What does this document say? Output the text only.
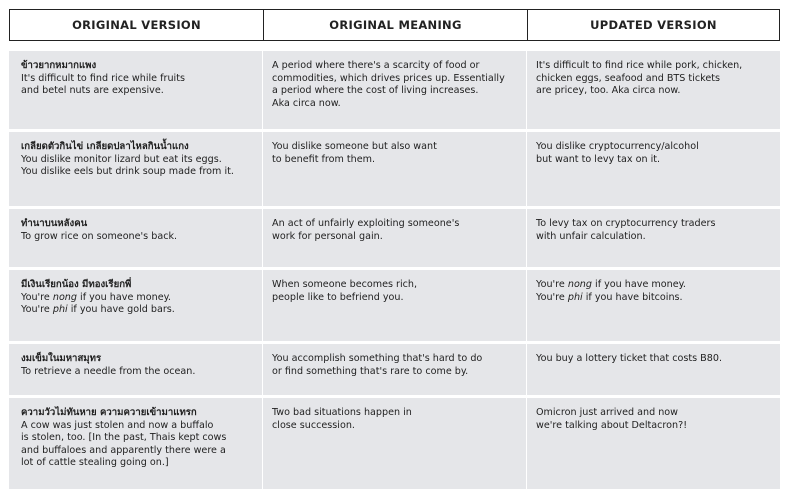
ORIGINAL VERSION	ORIGINAL MEANING	UPDATED VERSION
ข้าวยากหมากแพง
It's difficult to find rice while fruits
and betel nuts are expensive.
A period where there's a scarcity of food or
commodities, which drives prices up. Essentially
a period where the cost of living increases.
Aka circa now.
It's difficult to find rice while pork, chicken,
chicken eggs, seafood and BTS tickets
are pricey, too. Aka circa now.
เกลียดตัวกินไข่ เกลียดปลาไหลกินน้ำแกง
You dislike monitor lizard but eat its eggs.
You dislike eels but drink soup made from it.
You dislike someone but also want
to benefit from them.
You dislike cryptocurrency/alcohol
but want to levy tax on it.
ทำนาบนหลังคน
To grow rice on someone's back.
An act of unfairly exploiting someone's
work for personal gain.
To levy tax on cryptocurrency traders
with unfair calculation.
มีเงินเรียกน้อง มีทองเรียกพี่
You're nong if you have money.
You're phi if you have gold bars.
When someone becomes rich,
people like to befriend you.
You're nong if you have money.
You're phi if you have bitcoins.
งมเข็มในมหาสมุทร
To retrieve a needle from the ocean.
You accomplish something that's hard to do
or find something that's rare to come by.
You buy a lottery ticket that costs B80.
ความวัวไม่ทันหาย ความควายเข้ามาแทรก
A cow was just stolen and now a buffalo
is stolen, too. [In the past, Thais kept cows
and buffaloes and apparently there were a
lot of cattle stealing going on.]
Two bad situations happen in
close succession.
Omicron just arrived and now
we're talking about Deltacron?!
